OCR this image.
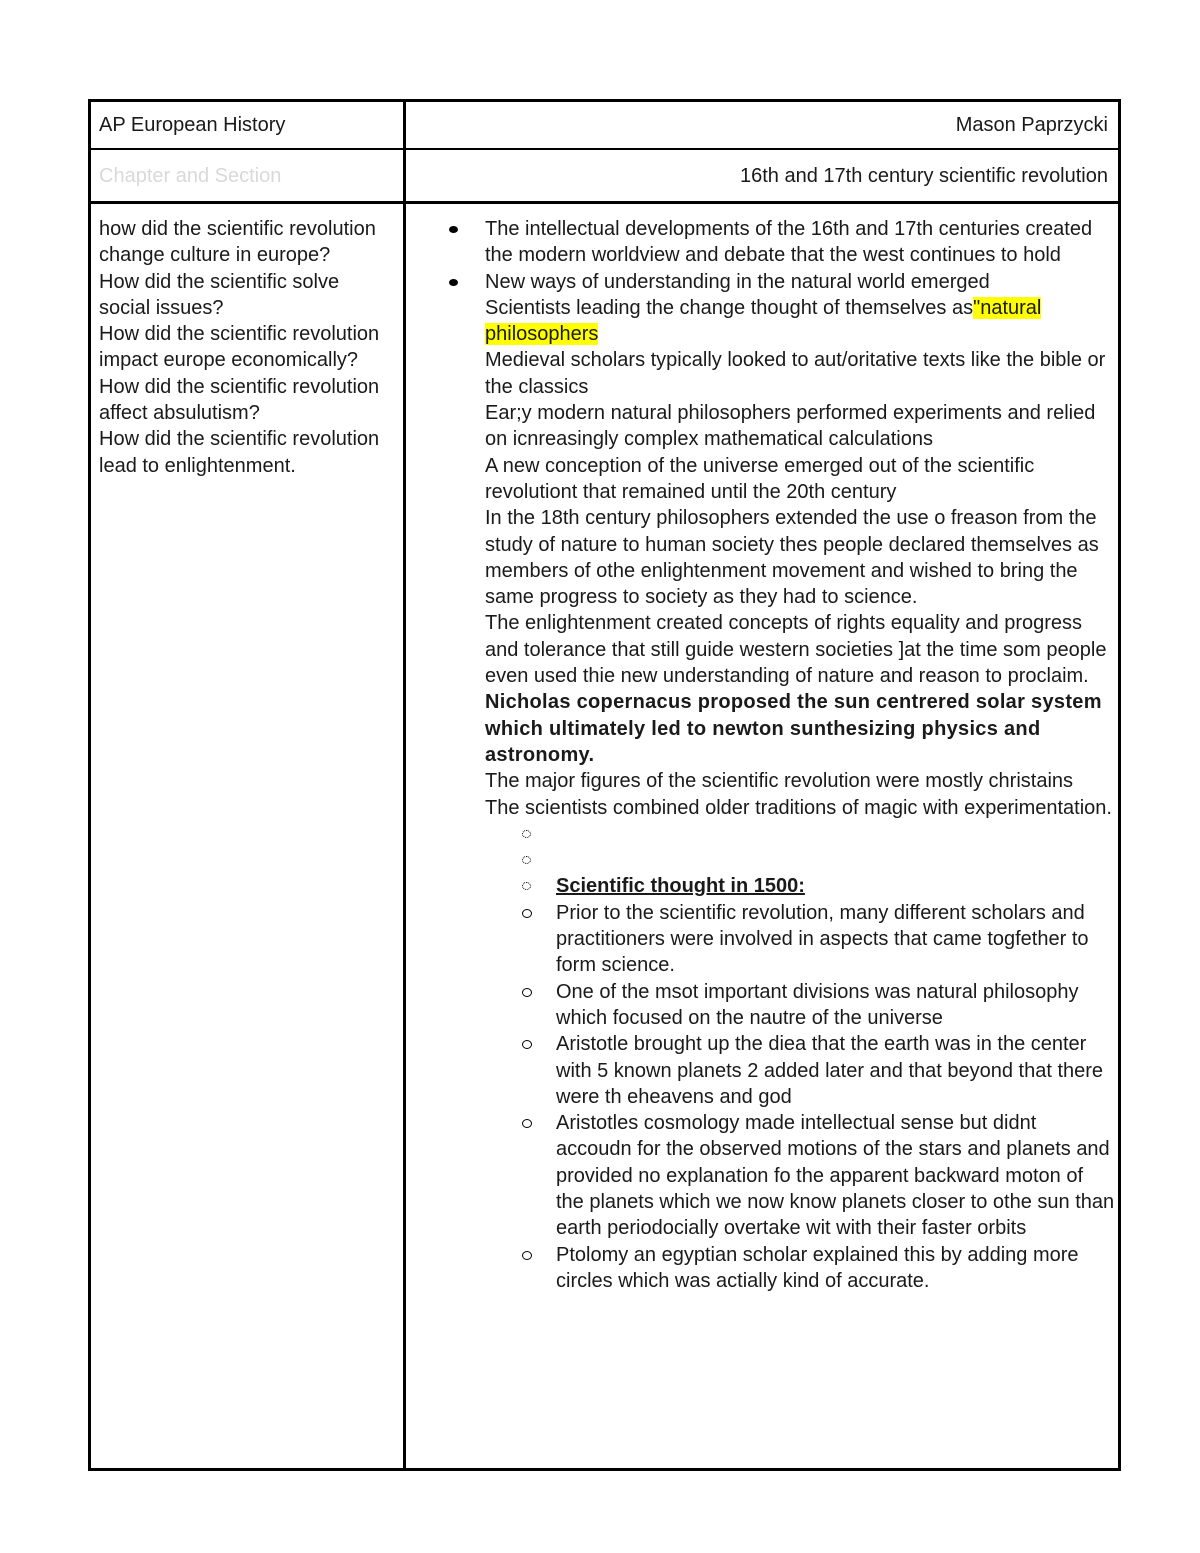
AP European History	Mason Paprzycki
Chapter and Section	16th and 17th century scientific revolution

how did the scientific revolution change culture in europe?

How did the scientific solve social issues?

How did the scientific revolution impact europe economically?

How did the scientific revolution affect absulutism?

How did the scientific revolution lead to enlightenment.

The intellectual developments of the 16th and 17th centuries created the modern worldview and debate that the west continues to hold
New ways of understanding in the natural world emerged

Scientists leading the change thought of themselves as"natural philosophers

Medieval scholars typically looked to aut/oritative texts like the bible or the classics

Ear;y modern natural philosophers performed experiments and relied on icnreasingly complex mathematical calculations

A new conception of the universe emerged out of the scientific revolutiont that remained until the 20th century

In the 18th century philosophers extended the use o freason from the study of nature to human society thes people declared themselves as members of othe enlightenment movement and wished to bring the same progress to society as they had to science.

The enlightenment created concepts of rights equality and progress and tolerance that still guide western societies ]at the time som people even used thie new understanding of nature and reason to proclaim.

Nicholas copernacus proposed the sun centrered solar system which ultimately led to newton sunthesizing physics and astronomy.

The major figures of the scientific revolution were mostly christains

The scientists combined older traditions of magic with experimentation.

Scientific thought in 1500:
Prior to the scientific revolution, many different scholars and practitioners were involved in aspects that came togfether to form science.
One of the msot important divisions was natural philosophy which focused on the nautre of the universe
Aristotle brought up the diea that the earth was in the center with 5 known planets 2 added later and that beyond that there were th eheavens and god
Aristotles cosmology made intellectual sense but didnt accoudn for the observed motions of the stars and planets and provided no explanation fo the apparent backward moton of the planets which we now know planets closer to othe sun than earth periodocially overtake wit with their faster orbits
Ptolomy an egyptian scholar explained this by adding more circles which was actially kind of accurate.
